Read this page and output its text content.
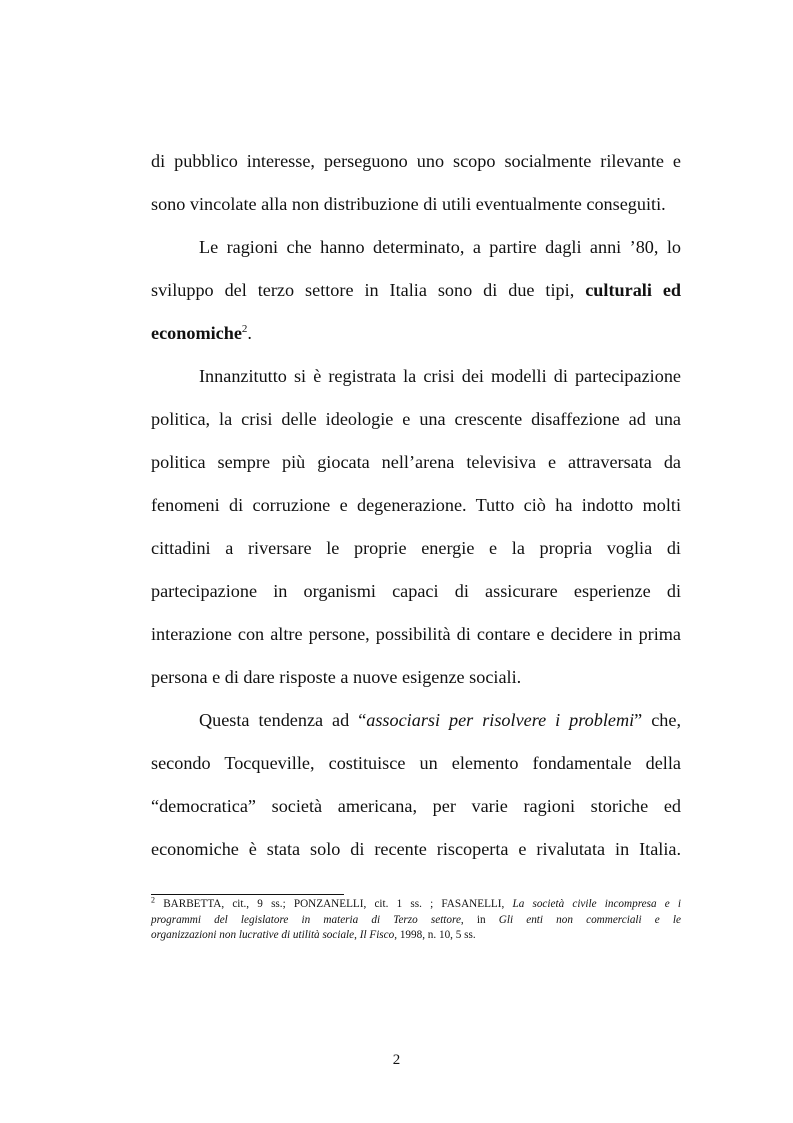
di pubblico interesse, perseguono uno scopo socialmente rilevante e
sono vincolate alla non distribuzione di utili eventualmente conseguiti.
Le ragioni che hanno determinato, a partire dagli anni ’80, lo
sviluppo del terzo settore in Italia sono di due tipi, culturali ed
economiche$^2$.
Innanzitutto si è registrata la crisi dei modelli di partecipazione
politica, la crisi delle ideologie e una crescente disaffezione ad una
politica sempre più giocata nell’arena televisiva e attraversata da
fenomeni di corruzione e degenerazione. Tutto ciò ha indotto molti
cittadini a riversare le proprie energie e la propria voglia di
partecipazione in organismi capaci di assicurare esperienze di
interazione con altre persone, possibilità di contare e decidere in prima
persona e di dare risposte a nuove esigenze sociali.
Questa tendenza ad “associarsi per risolvere i problemi” che,
secondo Tocqueville, costituisce un elemento fondamentale della
“democratica” società americana, per varie ragioni storiche ed
economiche è stata solo di recente riscoperta e rivalutata in Italia.
$^2$ BARBETTA, cit., 9 ss.; PONZANELLI, cit. 1 ss. ; FASANELLI, La società civile incompresa e i
programmi del legislatore in materia di Terzo settore, in Gli enti non commerciali e le
organizzazioni non lucrative di utilità sociale, Il Fisco, 1998, n. 10, 5 ss.
2
